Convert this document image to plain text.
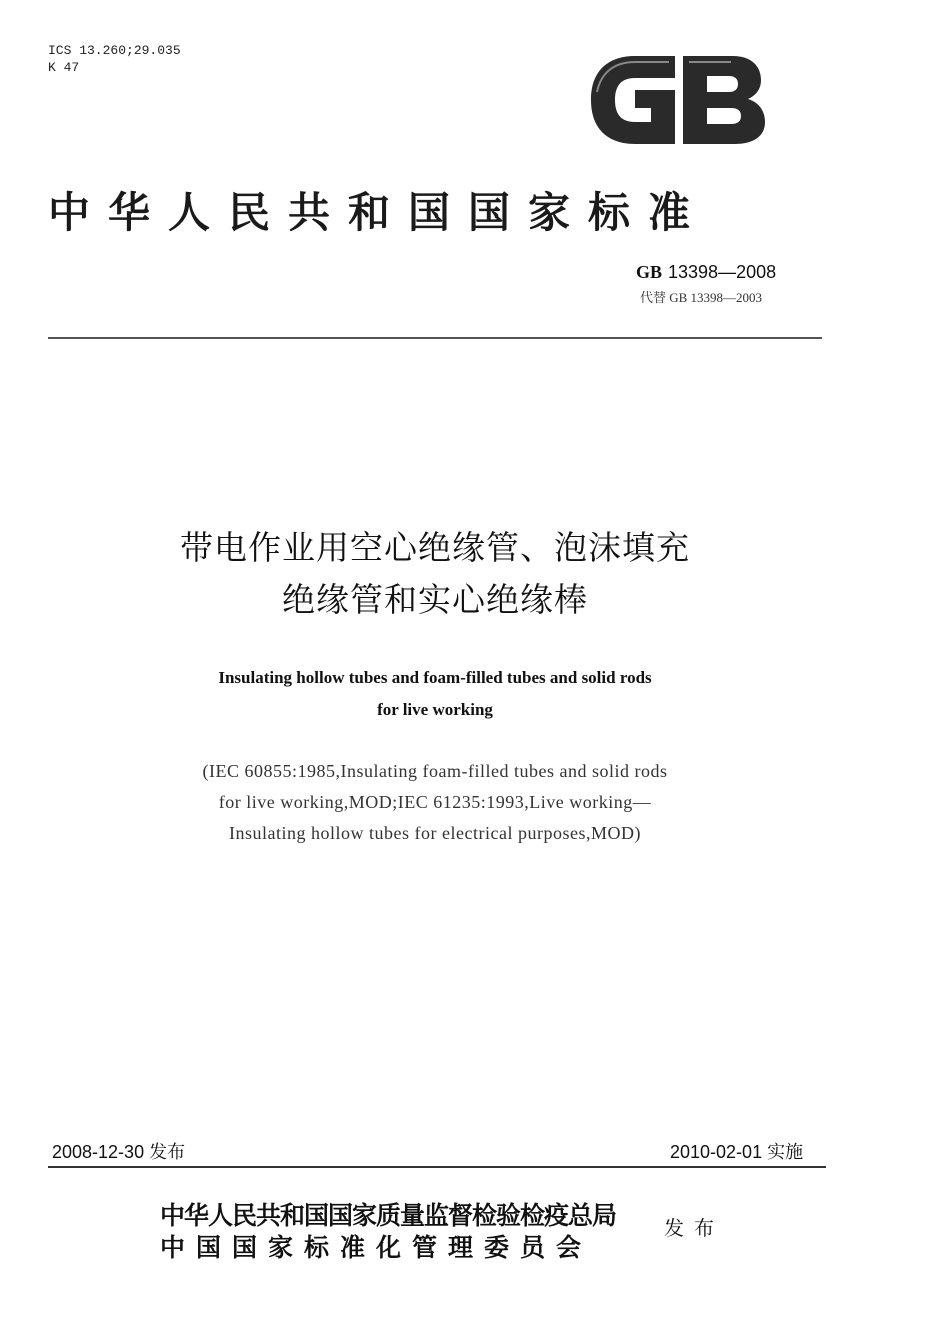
ICS 13.260;29.035
K 47
中华人民共和国国家标准
GB 13398—2008
代替 GB 13398—2003
带电作业用空心绝缘管、泡沫填充
绝缘管和实心绝缘棒
Insulating hollow tubes and foam-filled tubes and solid rods
for live working
(IEC 60855:1985,Insulating foam-filled tubes and solid rods
for live working,MOD;IEC 61235:1993,Live working—
Insulating hollow tubes for electrical purposes,MOD)
2008-12-30 发布	2010-02-01 实施
中华人民共和国国家质量监督检验检疫总局
中国国家标准化管理委员会
发布
